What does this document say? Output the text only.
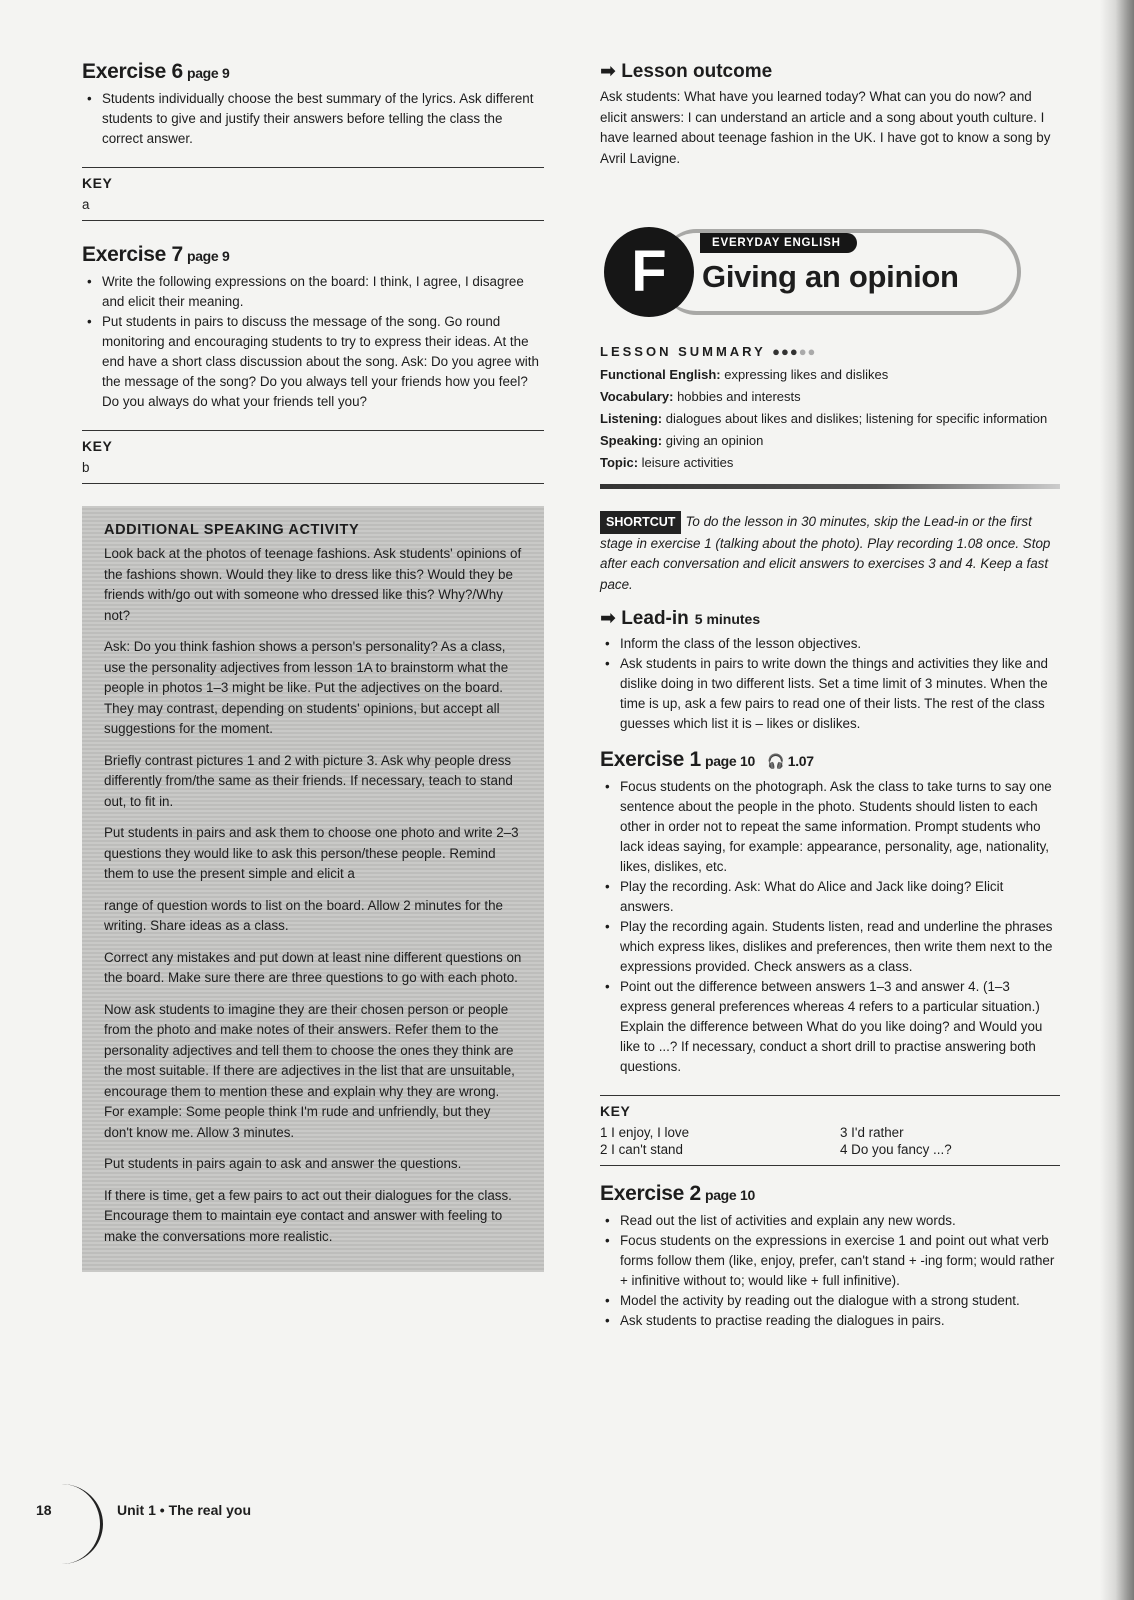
Exercise 6 page 9
• Students individually choose the best summary of the lyrics. Ask different students to give and justify their answers before telling the class the correct answer.
KEY
a
Exercise 7 page 9
• Write the following expressions on the board: I think, I agree, I disagree and elicit their meaning.
• Put students in pairs to discuss the message of the song. Go round monitoring and encouraging students to try to express their ideas. At the end have a short class discussion about the song. Ask: Do you agree with the message of the song? Do you always tell your friends how you feel? Do you always do what your friends tell you?
KEY
b
ADDITIONAL SPEAKING ACTIVITY

Look back at the photos of teenage fashions. Ask students' opinions of the fashions shown. Would they like to dress like this? Would they be friends with/go out with someone who dressed like this? Why?/Why not?

Ask: Do you think fashion shows a person's personality? As a class, use the personality adjectives from lesson 1A to brainstorm what the people in photos 1–3 might be like. Put the adjectives on the board. They may contrast, depending on students' opinions, but accept all suggestions for the moment.

Briefly contrast pictures 1 and 2 with picture 3. Ask why people dress differently from/the same as their friends. If necessary, teach to stand out, to fit in.

Put students in pairs and ask them to choose one photo and write 2–3 questions they would like to ask this person/these people. Remind them to use the present simple and elicit a

range of question words to list on the board. Allow 2 minutes for the writing. Share ideas as a class.

Correct any mistakes and put down at least nine different questions on the board. Make sure there are three questions to go with each photo.

Now ask students to imagine they are their chosen person or people from the photo and make notes of their answers. Refer them to the personality adjectives and tell them to choose the ones they think are the most suitable. If there are adjectives in the list that are unsuitable, encourage them to mention these and explain why they are wrong. For example: Some people think I'm rude and unfriendly, but they don't know me. Allow 3 minutes.

Put students in pairs again to ask and answer the questions.

If there is time, get a few pairs to act out their dialogues for the class. Encourage them to maintain eye contact and answer with feeling to make the conversations more realistic.

➡ Lesson outcome

Ask students: What have you learned today? What can you do now? and elicit answers: I can understand an article and a song about youth culture. I have learned about teenage fashion in the UK. I have got to know a song by Avril Lavigne.

F	EVERYDAY ENGLISH
Giving an opinion
LESSON SUMMARY ●●●●●

Functional English: expressing likes and dislikes

Vocabulary: hobbies and interests

Listening: dialogues about likes and dislikes; listening for specific information

Speaking: giving an opinion

Topic: leisure activities

SHORTCUT To do the lesson in 30 minutes, skip the Lead-in or the first stage in exercise 1 (talking about the photo). Play recording 1.08 once. Stop after each conversation and elicit answers to exercises 3 and 4. Keep a fast pace.

➡ Lead-in 5 minutes
• Inform the class of the lesson objectives.
• Ask students in pairs to write down the things and activities they like and dislike doing in two different lists. Set a time limit of 3 minutes. When the time is up, ask a few pairs to read one of their lists. The rest of the class guesses which list it is – likes or dislikes.
Exercise 1 page 10 🎧 1.07
• Focus students on the photograph. Ask the class to take turns to say one sentence about the people in the photo. Students should listen to each other in order not to repeat the same information. Prompt students who lack ideas saying, for example: appearance, personality, age, nationality, likes, dislikes, etc.
• Play the recording. Ask: What do Alice and Jack like doing? Elicit answers.
• Play the recording again. Students listen, read and underline the phrases which express likes, dislikes and preferences, then write them next to the expressions provided. Check answers as a class.
• Point out the difference between answers 1–3 and answer 4. (1–3 express general preferences whereas 4 refers to a particular situation.) Explain the difference between What do you like doing? and Would you like to ...? If necessary, conduct a short drill to practise answering both questions.
KEY
1 I enjoy, I love	3 I'd rather
2 I can't stand	4 Do you fancy ...?
Exercise 2 page 10
• Read out the list of activities and explain any new words.
• Focus students on the expressions in exercise 1 and point out what verb forms follow them (like, enjoy, prefer, can't stand + -ing form; would rather + infinitive without to; would like + full infinitive).
• Model the activity by reading out the dialogue with a strong student.
• Ask students to practise reading the dialogues in pairs.
18	Unit 1 • The real you
